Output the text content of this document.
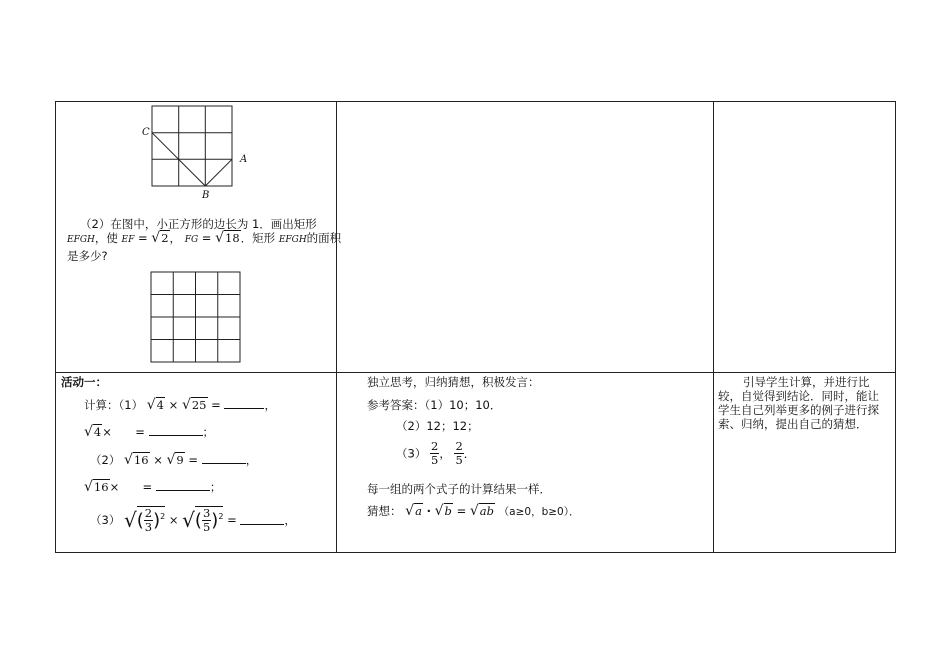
C
A
B
（2）在图中，小正方形的边长为 1．画出矩形
EFGH，使 EF = √2， FG = √18．矩形 EFGH的面积
是多少?
活动一：
计算：（1） √4 × √25 =	，
√4× =	；
（2） √16 × √9 =	，
√16× =	；
（3） √( $\frac{2}{3} )^2$ × √( $\frac{3}{5} )^2$ =	，
独立思考，归纳猜想，积极发言：
参考答案：（1）10；10．
（2）12；12；
$(3) \frac{2}{5}$ ， $\frac{2}{5}$ ．
每一组的两个式子的计算结果一样．
猜想： √a · √b = √ab （a≥0，b≥0）．
引导学生计算，并进行比
较，自觉得到结论．同时，能让
学生自己列举更多的例子进行探
索、归纳，提出自己的猜想．
